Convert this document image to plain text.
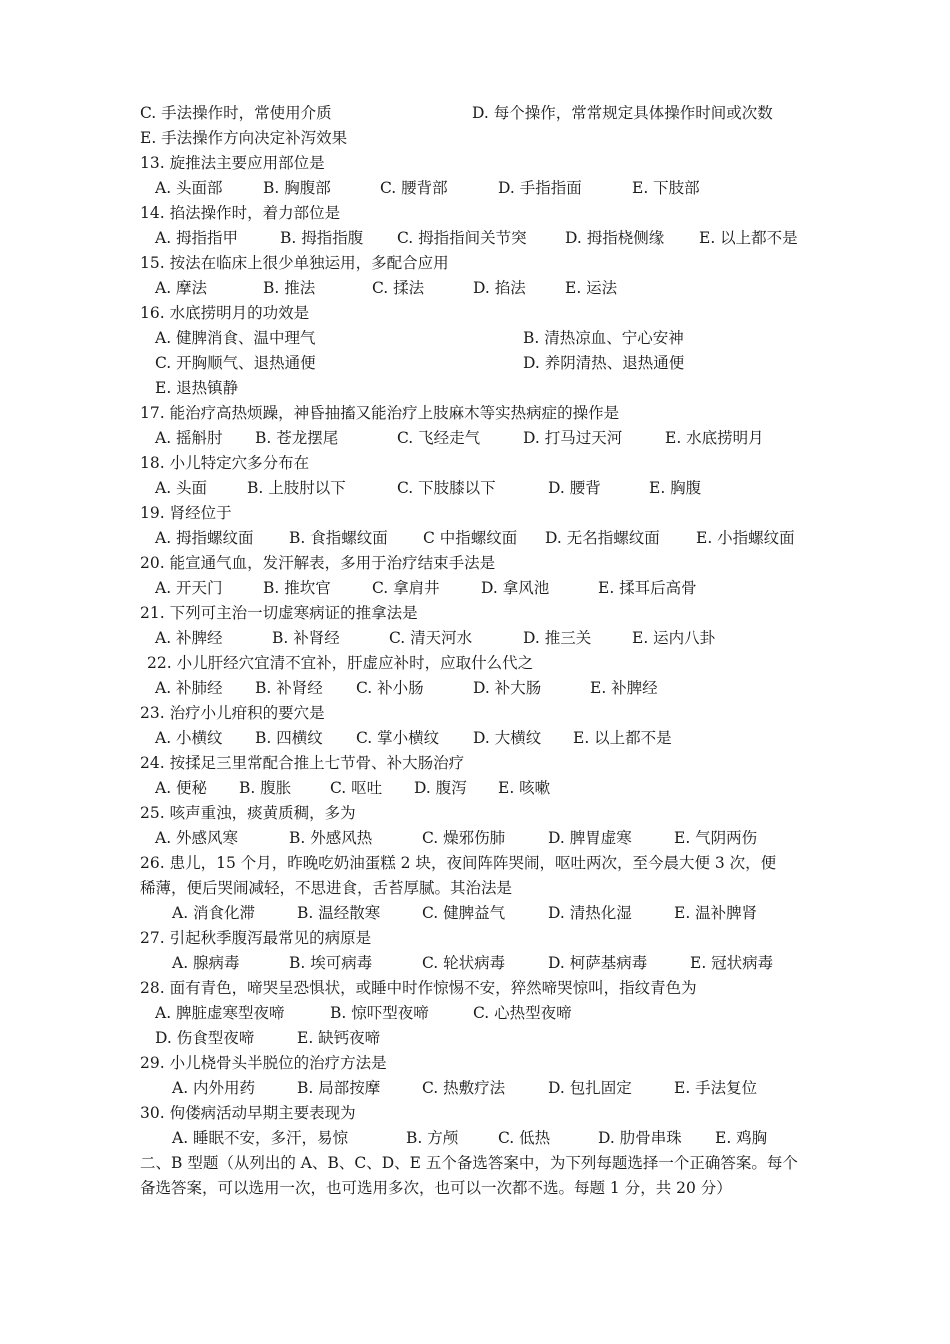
C. 手法操作时，常使用介质

	D. 每个操作，常常规定具体操作时间或次数

E. 手法操作方向决定补泻效果

13. 旋推法主要应用部位是

A. 头面部

	B. 胸腹部

	C. 腰背部

	D. 手指指面

	E. 下肢部

14. 掐法操作时，着力部位是

A. 拇指指甲

	B. 拇指指腹

C. 拇指指间关节突

D. 拇指桡侧缘

E. 以上都不是

15. 按法在临床上很少单独运用，多配合应用

A. 摩法

	B. 推法

	C. 揉法

	D. 掐法

	E. 运法

16. 水底捞明月的功效是

A. 健脾消食、温中理气

	B. 清热凉血、宁心安神

C. 开胸顺气、退热通便

	D. 养阴清热、退热通便

E. 退热镇静

17. 能治疗高热烦躁，神昏抽搐又能治疗上肢麻木等实热病症的操作是

A. 摇斛肘

B. 苍龙摆尾

	C. 飞经走气

	D. 打马过天河

	E. 水底捞明月

18. 小儿特定穴多分布在

A. 头面

	B. 上肢肘以下

	C. 下肢膝以下

	D. 腰背

	E. 胸腹

19. 肾经位于

A. 拇指螺纹面

B. 食指螺纹面

C 中指螺纹面

D. 无名指螺纹面

E. 小指螺纹面

20. 能宣通气血，发汗解表，多用于治疗结束手法是

A. 开天门

	B. 推坎官

	C. 拿肩井

	D. 拿风池

	E. 揉耳后高骨

21. 下列可主治一切虚寒病证的推拿法是

A. 补脾经

	B. 补肾经

	C. 清天河水

	D. 推三关

	E. 运内八卦

22. 小儿肝经穴宜清不宜补，肝虚应补时，应取什么代之

A. 补肺经

B. 补肾经

C. 补小肠

	D. 补大肠

	E. 补脾经

23. 治疗小儿疳积的要穴是

A. 小横纹

B. 四横纹

C. 掌小横纹

D. 大横纹

E. 以上都不是

24. 按揉足三里常配合推上七节骨、补大肠治疗

A. 便秘

B. 腹胀

	C. 呕吐

D. 腹泻

E. 咳嗽

25. 咳声重浊，痰黄质稠，多为

A. 外感风寒

	B. 外感风热

	C. 燥邪伤肺

	D. 脾胃虚寒

	E. 气阴两伤

26. 患儿，15 个月，昨晚吃奶油蛋糕 2 块，夜间阵阵哭闹，呕吐两次，至今晨大便 3 次，便

稀薄，便后哭闹减轻，不思进食，舌苔厚腻。其治法是

A. 消食化滞

	B. 温经散寒

	C. 健脾益气

	D. 清热化湿

	E. 温补脾肾

27. 引起秋季腹泻最常见的病原是

A. 腺病毒

	B. 埃可病毒

	C. 轮状病毒

	D. 柯萨基病毒

	E. 冠状病毒

28. 面有青色，啼哭呈恐惧状，或睡中时作惊惕不安，猝然啼哭惊叫，指纹青色为

A. 脾脏虚寒型夜啼

	B. 惊吓型夜啼

	C. 心热型夜啼

D. 伤食型夜啼

	E. 缺钙夜啼

29. 小儿桡骨头半脱位的治疗方法是

A. 内外用药

	B. 局部按摩

	C. 热敷疗法

	D. 包扎固定

	E. 手法复位

30. 佝偻病活动早期主要表现为

A. 睡眠不安，多汗，易惊

	B. 方颅

	C. 低热

	D. 肋骨串珠

E. 鸡胸

二、B 型题（从列出的 A、B、C、D、E 五个备选答案中，为下列每题选择一个正确答案。每个

备选答案，可以选用一次，也可选用多次，也可以一次都不选。每题 1 分，共 20 分）
